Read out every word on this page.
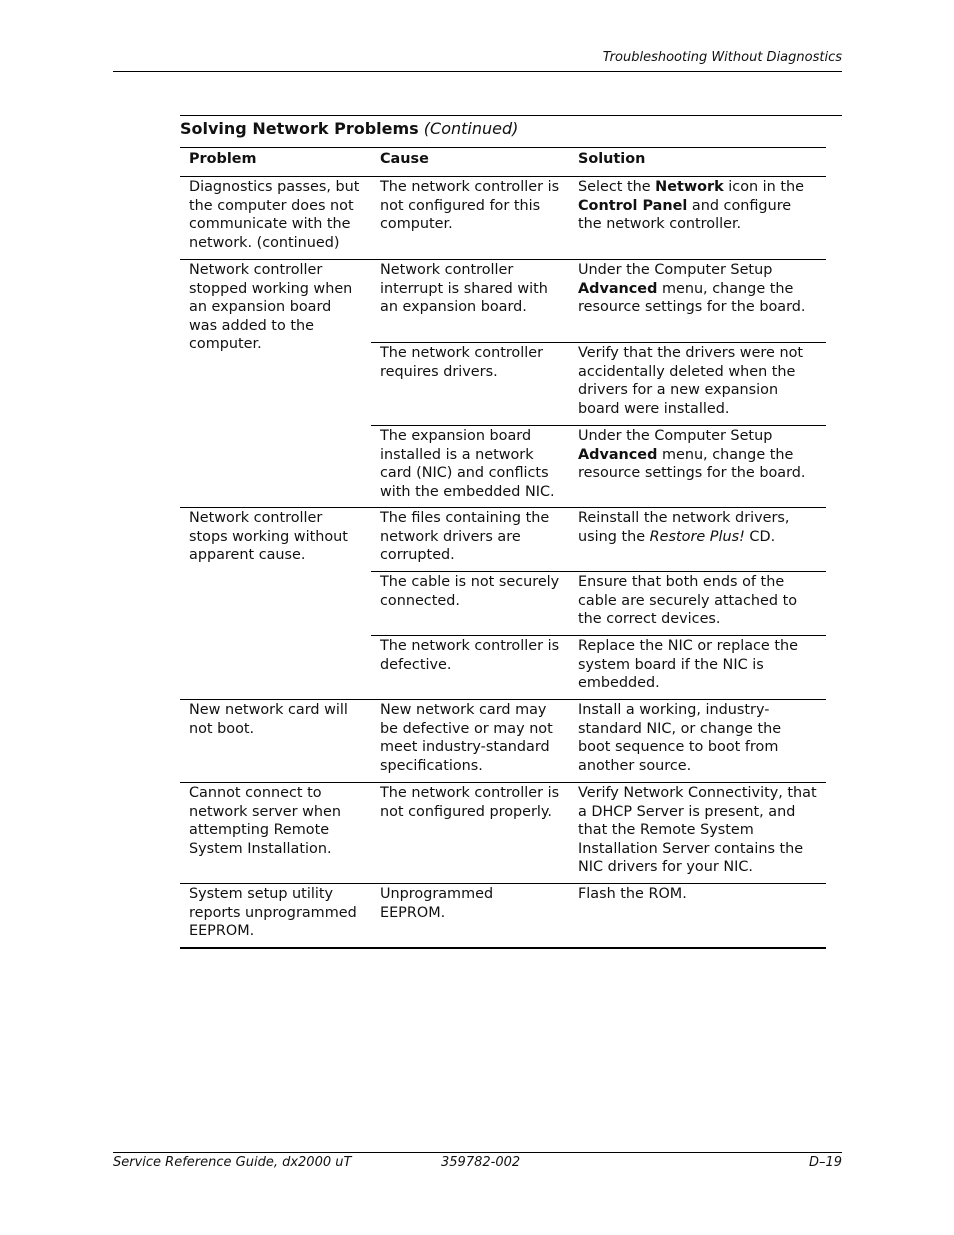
Troubleshooting Without Diagnostics
Solving Network Problems (Continued)
Problem	Cause	Solution
Diagnostics passes, but the computer does not communicate with the network. (continued)	The network controller is not configured for this computer.	Select the Network icon in the Control Panel and configure the network controller.
Network controller stopped working when an expansion board was added to the computer.	Network controller interrupt is shared with an expansion board.	Under the Computer Setup Advanced menu, change the resource settings for the board.
	The network controller requires drivers.	Verify that the drivers were not accidentally deleted when the drivers for a new expansion board were installed.
	The expansion board installed is a network card (NIC) and conflicts with the embedded NIC.	Under the Computer Setup Advanced menu, change the resource settings for the board.
Network controller stops working without apparent cause.	The files containing the network drivers are corrupted.	Reinstall the network drivers, using the Restore Plus! CD.
	The cable is not securely connected.	Ensure that both ends of the cable are securely attached to the correct devices.
	The network controller is defective.	Replace the NIC or replace the system board if the NIC is embedded.
New network card will not boot.	New network card may be defective or may not meet industry-standard specifications.	Install a working, industry-standard NIC, or change the boot sequence to boot from another source.
Cannot connect to network server when attempting Remote System Installation.	The network controller is not configured properly.	Verify Network Connectivity, that a DHCP Server is present, and that the Remote System Installation Server contains the NIC drivers for your NIC.
System setup utility reports unprogrammed EEPROM.	Unprogrammed EEPROM.	Flash the ROM.
Service Reference Guide, dx2000 uT	359782-002	D–19
